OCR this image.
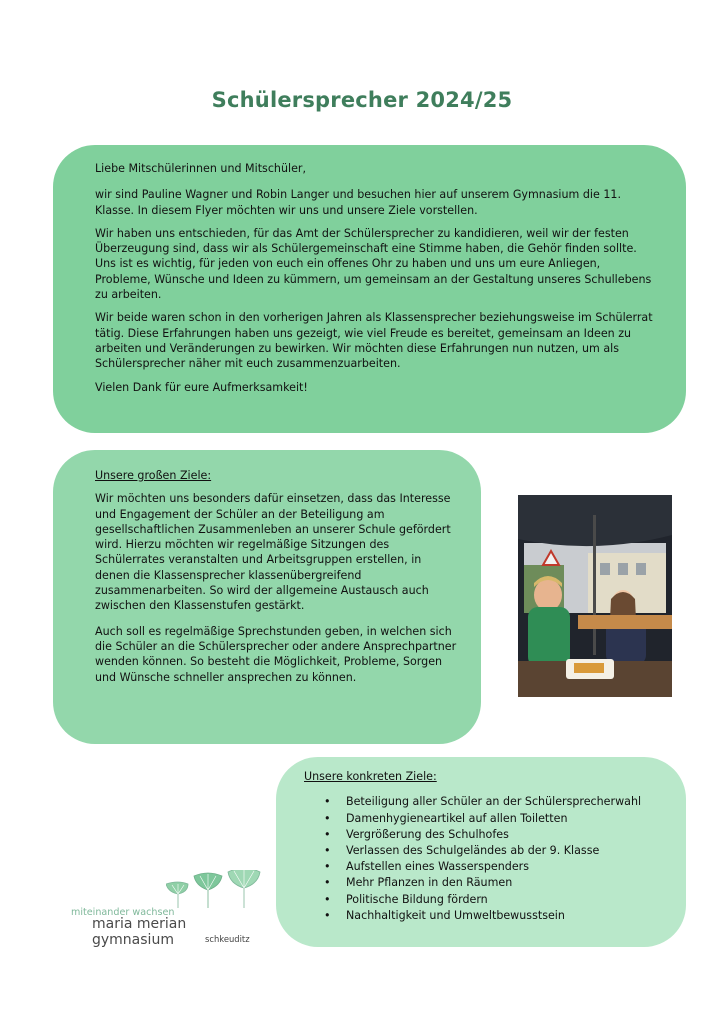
Schülersprecher 2024/25

Liebe Mitschülerinnen und Mitschüler,

wir sind Pauline Wagner und Robin Langer und besuchen hier auf unserem Gymnasium die 11. Klasse. In diesem Flyer möchten wir uns und unsere Ziele vorstellen.

Wir haben uns entschieden, für das Amt der Schülersprecher zu kandidieren, weil wir der festen Überzeugung sind, dass wir als Schülergemeinschaft eine Stimme haben, die Gehör finden sollte. Uns ist es wichtig, für jeden von euch ein offenes Ohr zu haben und uns um eure Anliegen, Probleme, Wünsche und Ideen zu kümmern, um gemeinsam an der Gestaltung unseres Schullebens zu arbeiten.

Wir beide waren schon in den vorherigen Jahren als Klassensprecher beziehungsweise im Schülerrat tätig. Diese Erfahrungen haben uns gezeigt, wie viel Freude es bereitet, gemeinsam an Ideen zu arbeiten und Veränderungen zu bewirken. Wir möchten diese Erfahrungen nun nutzen, um als Schülersprecher näher mit euch zusammenzuarbeiten.

Vielen Dank für eure Aufmerksamkeit!

Unsere großen Ziele:

Wir möchten uns besonders dafür einsetzen, dass das Interesse und Engagement der Schüler an der Beteiligung am gesellschaftlichen Zusammenleben an unserer Schule gefördert wird. Hierzu möchten wir regelmäßige Sitzungen des Schülerrates veranstalten und Arbeitsgruppen erstellen, in denen die Klassensprecher klassenübergreifend zusammenarbeiten. So wird der allgemeine Austausch auch zwischen den Klassenstufen gestärkt.

Auch soll es regelmäßige Sprechstunden geben, in welchen sich die Schüler an die Schülersprecher oder andere Ansprechpartner wenden können. So besteht die Möglichkeit, Probleme, Sorgen und Wünsche schneller ansprechen zu können.

Unsere konkreten Ziele:
• Beteiligung aller Schüler an der Schülersprecherwahl
• Damenhygieneartikel auf allen Toiletten
• Vergrößerung des Schulhofes
• Verlassen des Schulgeländes ab der 9. Klasse
• Aufstellen eines Wasserspenders
• Mehr Pflanzen in den Räumen
• Politische Bildung fördern
• Nachhaltigkeit und Umweltbewusstsein
miteinander wachsen
maria merian gymnasium	schkeuditz
